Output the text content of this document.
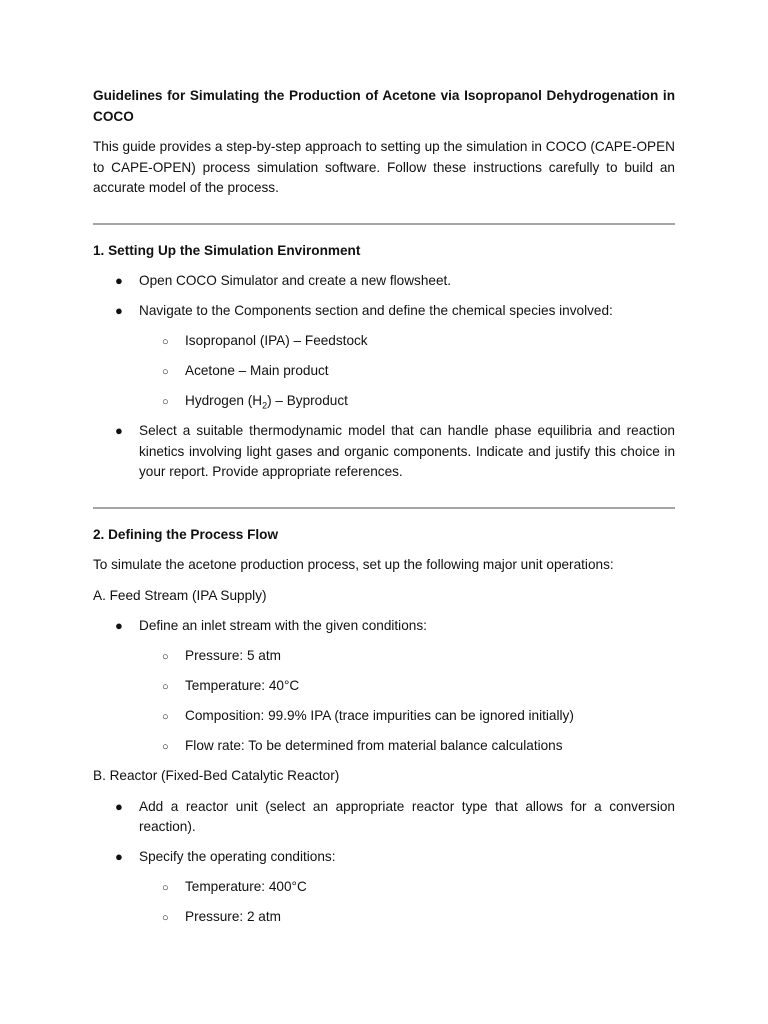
Guidelines for Simulating the Production of Acetone via Isopropanol Dehydrogenation in COCO

This guide provides a step-by-step approach to setting up the simulation in COCO (CAPE-OPEN to CAPE-OPEN) process simulation software. Follow these instructions carefully to build an accurate model of the process.

1. Setting Up the Simulation Environment

● Open COCO Simulator and create a new flowsheet.
● Navigate to the Components section and define the chemical species involved:
○ Isopropanol (IPA) – Feedstock
○ Acetone – Main product
○ Hydrogen $(H_2)$ – Byproduct
● Select a suitable thermodynamic model that can handle phase equilibria and reaction kinetics involving light gases and organic components. Indicate and justify this choice in your report. Provide appropriate references.

2. Defining the Process Flow

To simulate the acetone production process, set up the following major unit operations:

A. Feed Stream (IPA Supply)

● Define an inlet stream with the given conditions:
○ Pressure: 5 atm
○ Temperature: 40°C
○ Composition: 99.9% IPA (trace impurities can be ignored initially)
○ Flow rate: To be determined from material balance calculations

B. Reactor (Fixed-Bed Catalytic Reactor)

● Add a reactor unit (select an appropriate reactor type that allows for a conversion reaction).
● Specify the operating conditions:
○ Temperature: 400°C
○ Pressure: 2 atm
